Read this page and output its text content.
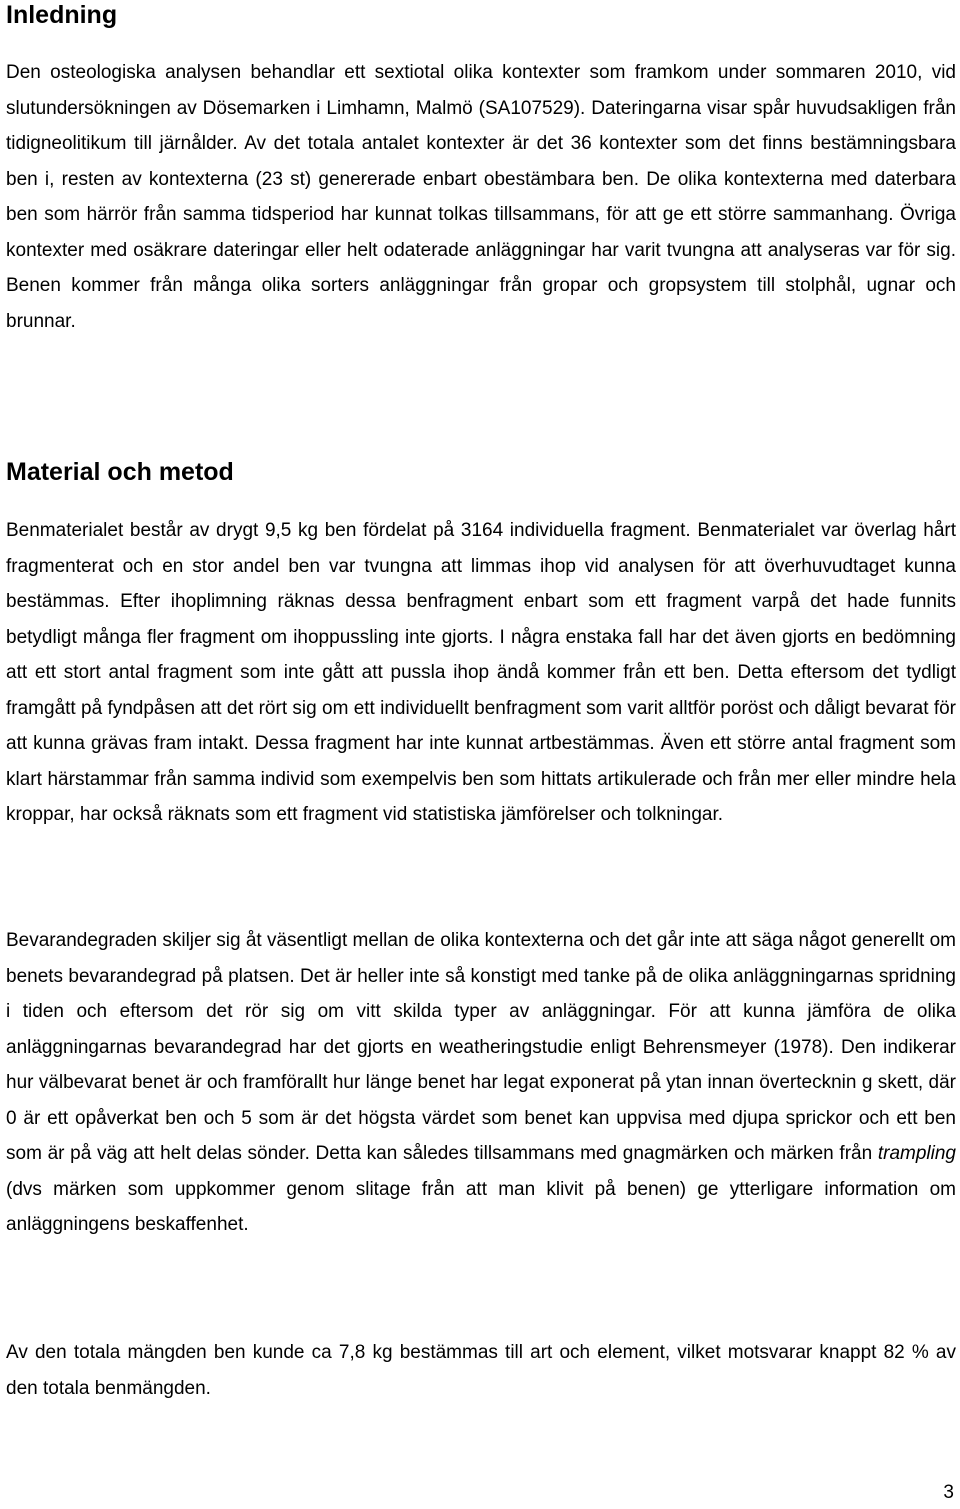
Inledning

Den osteologiska analysen behandlar ett sextiotal olika kontexter som framkom under sommaren 2010, vid slutundersökningen av Dösemarken i Limhamn, Malmö (SA107529). Dateringarna visar spår huvudsakligen från tidigneolitikum till järnålder. Av det totala antalet kontexter är det 36 kontexter som det finns bestämningsbara ben i, resten av kontexterna (23 st) genererade enbart obestämbara ben. De olika kontexterna med daterbara ben som härrör från samma tidsperiod har kunnat tolkas tillsammans, för att ge ett större sammanhang. Övriga kontexter med osäkrare dateringar eller helt odaterade anläggningar har varit tvungna att analyseras var för sig. Benen kommer från många olika sorters anläggningar från gropar och gropsystem till stolphål, ugnar och brunnar.

Material och metod

Benmaterialet består av drygt 9,5 kg ben fördelat på 3164 individuella fragment. Benmaterialet var överlag hårt fragmenterat och en stor andel ben var tvungna att limmas ihop vid analysen för att överhuvudtaget kunna bestämmas. Efter ihoplimning räknas dessa benfragment enbart som ett fragment varpå det hade funnits betydligt många fler fragment om ihoppussling inte gjorts. I några enstaka fall har det även gjorts en bedömning att ett stort antal fragment som inte gått att pussla ihop ändå kommer från ett ben. Detta eftersom det tydligt framgått på fyndpåsen att det rört sig om ett individuellt benfragment som varit alltför poröst och dåligt bevarat för att kunna grävas fram intakt. Dessa fragment har inte kunnat artbestämmas. Även ett större antal fragment som klart härstammar från samma individ som exempelvis ben som hittats artikulerade och från mer eller mindre hela kroppar, har också räknats som ett fragment vid statistiska jämförelser och tolkningar.

Bevarandegraden skiljer sig åt väsentligt mellan de olika kontexterna och det går inte att säga något generellt om benets bevarandegrad på platsen. Det är heller inte så konstigt med tanke på de olika anläggningarnas spridning i tiden och eftersom det rör sig om vitt skilda typer av anläggningar. För att kunna jämföra de olika anläggningarnas bevarandegrad har det gjorts en weatheringstudie enligt Behrensmeyer (1978). Den indikerar hur välbevarat benet är och framförallt hur länge benet har legat exponerat på ytan innan övertecknin g skett, där 0 är ett opåverkat ben och 5 som är det högsta värdet som benet kan uppvisa med djupa sprickor och ett ben som är på väg att helt delas sönder. Detta kan således tillsammans med gnagmärken och märken från trampling (dvs märken som uppkommer genom slitage från att man klivit på benen) ge ytterligare information om anläggningens beskaffenhet.

Av den totala mängden ben kunde ca 7,8 kg bestämmas till art och element, vilket motsvarar knappt 82 % av den totala benmängden.

3
